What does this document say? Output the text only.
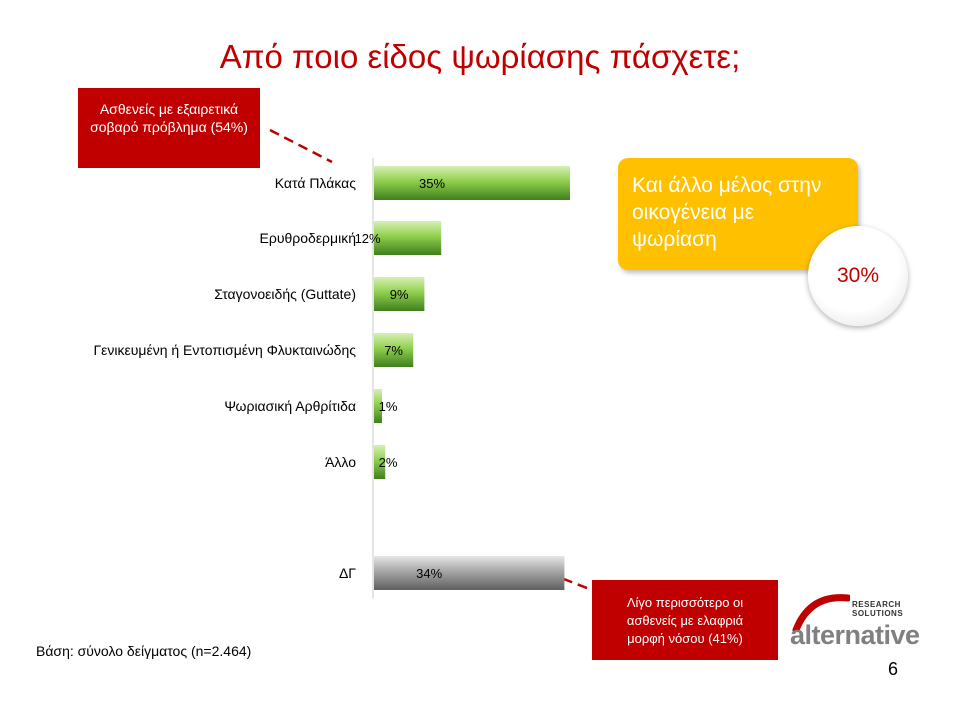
Από ποιο είδος ψωρίασης πάσχετε;
Ασθενείς με εξαιρετικά
σοβαρό πρόβλημα (54%)
Κατά Πλάκας	35%
Ερυθροδερμική
12%
Σταγονοειδής (Guttate)	9%
Γενικευμένη ή Εντοπισμένη Φλυκταινώδης 7%
Ψωριασική Αρθρίτιδα 1%
Άλλο 2%
ΔΓ	34%
Και άλλο μέλος στην
οικογένεια με
ψωρίαση
30%
Λίγο περισσότερο οι
ασθενείς με ελαφριά
μορφή νόσου (41%)
Βάση: σύνολο δείγματος (n=2.464)
RESEARCH SOLUTIONS
alternative
6
